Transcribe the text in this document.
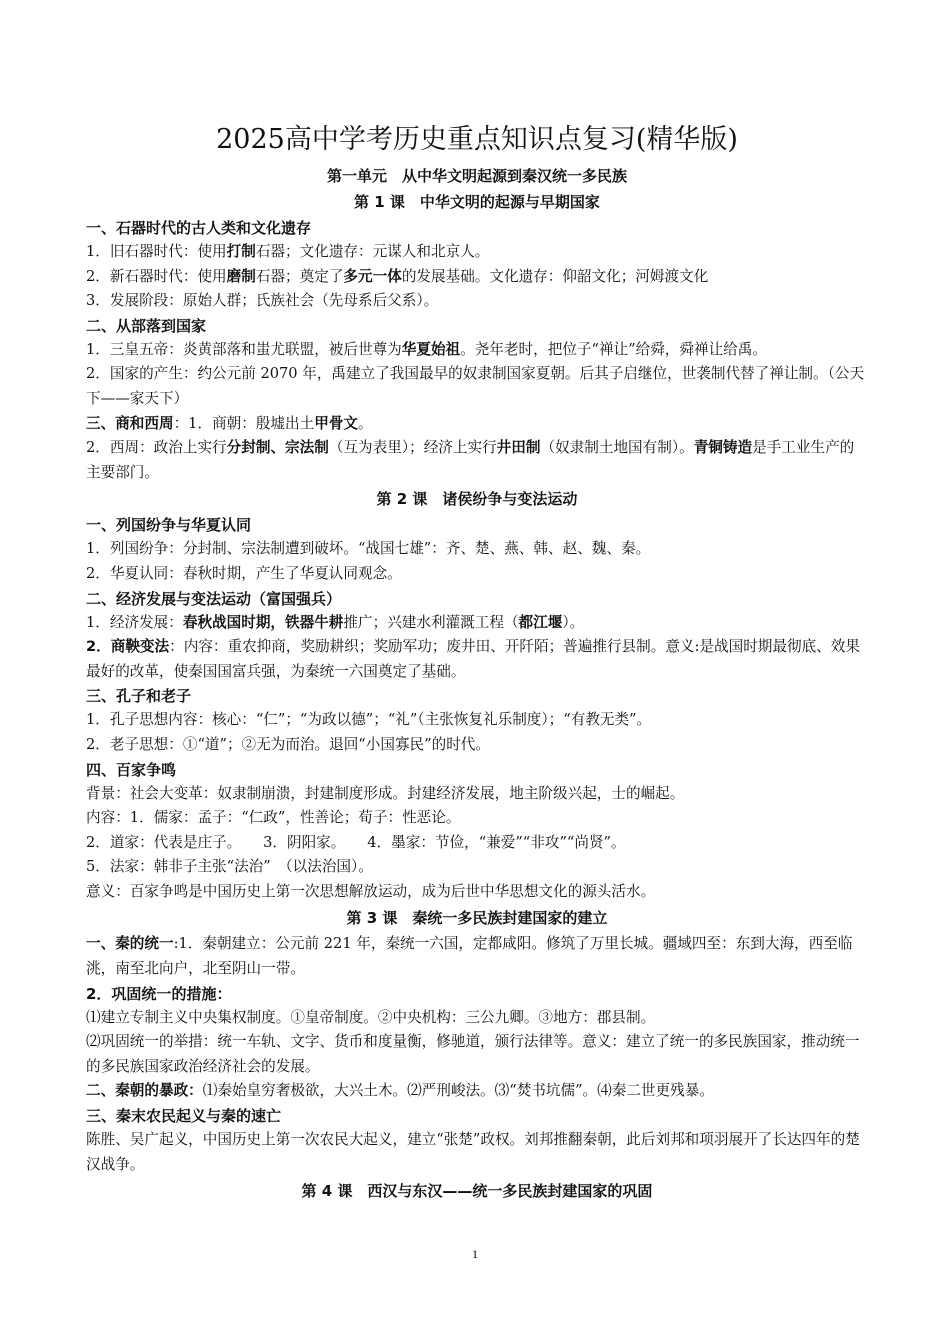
2025高中学考历史重点知识点复习(精华版)
第一单元　从中华文明起源到秦汉统一多民族
第 1 课　中华文明的起源与早期国家
一、石器时代的古人类和文化遗存
1．旧石器时代：使用打制石器；文化遗存：元谋人和北京人。
2．新石器时代：使用磨制石器；奠定了多元一体的发展基础。文化遗存：仰韶文化；河姆渡文化
3．发展阶段：原始人群；氏族社会（先母系后父系）。
二、从部落到国家
1．三皇五帝：炎黄部落和蚩尤联盟，被后世尊为华夏始祖。尧年老时，把位子“禅让”给舜，舜禅让给禹。
2．国家的产生：约公元前 2070 年，禹建立了我国最早的奴隶制国家夏朝。后其子启继位，世袭制代替了禅让制。（公天下——家天下）
三、商和西周：1．商朝：殷墟出土甲骨文。
2．西周：政治上实行分封制、宗法制（互为表里）；经济上实行井田制（奴隶制土地国有制）。青铜铸造是手工业生产的主要部门。
第 2 课　诸侯纷争与变法运动
一、列国纷争与华夏认同
1．列国纷争：分封制、宗法制遭到破坏。“战国七雄”：齐、楚、燕、韩、赵、魏、秦。
2．华夏认同：春秋时期，产生了华夏认同观念。
二、经济发展与变法运动（富国强兵）
1．经济发展：春秋战国时期，铁器牛耕推广；兴建水利灌溉工程（都江堰）。
2．商鞅变法：内容：重农抑商，奖励耕织；奖励军功；废井田、开阡陌；普遍推行县制。意义:是战国时期最彻底、效果最好的改革，使秦国国富兵强，为秦统一六国奠定了基础。
三、孔子和老子
1．孔子思想内容：核心：“仁”；“为政以德”；“礼”（主张恢复礼乐制度）；“有教无类”。
2．老子思想：①“道”；②无为而治。退回“小国寡民”的时代。
四、百家争鸣
背景：社会大变革：奴隶制崩溃，封建制度形成。封建经济发展，地主阶级兴起，士的崛起。
内容：1．儒家：孟子：“仁政”，性善论；荀子：性恶论。
2．道家：代表是庄子。　　3．阴阳家。　　4．墨家：节俭，“兼爱”“非攻”“尚贤”。
5．法家：韩非子主张“法治”　（以法治国）。
意义：百家争鸣是中国历史上第一次思想解放运动，成为后世中华思想文化的源头活水。
第 3 课　秦统一多民族封建国家的建立
一、秦的统一:1．秦朝建立：公元前 221 年，秦统一六国，定都咸阳。修筑了万里长城。疆域四至：东到大海，西至临洮，南至北向户，北至阴山一带。
2．巩固统一的措施：
⑴建立专制主义中央集权制度。①皇帝制度。②中央机构：三公九卿。③地方：郡县制。
⑵巩固统一的举措：统一车轨、文字、货币和度量衡，修驰道，颁行法律等。意义：建立了统一的多民族国家，推动统一的多民族国家政治经济社会的发展。
二、秦朝的暴政：⑴秦始皇穷奢极欲，大兴土木。⑵严刑峻法。⑶“焚书坑儒”。⑷秦二世更残暴。
三、秦末农民起义与秦的速亡
陈胜、吴广起义，中国历史上第一次农民大起义，建立“张楚”政权。刘邦推翻秦朝，此后刘邦和项羽展开了长达四年的楚汉战争。
第 4 课　西汉与东汉——统一多民族封建国家的巩固
1
